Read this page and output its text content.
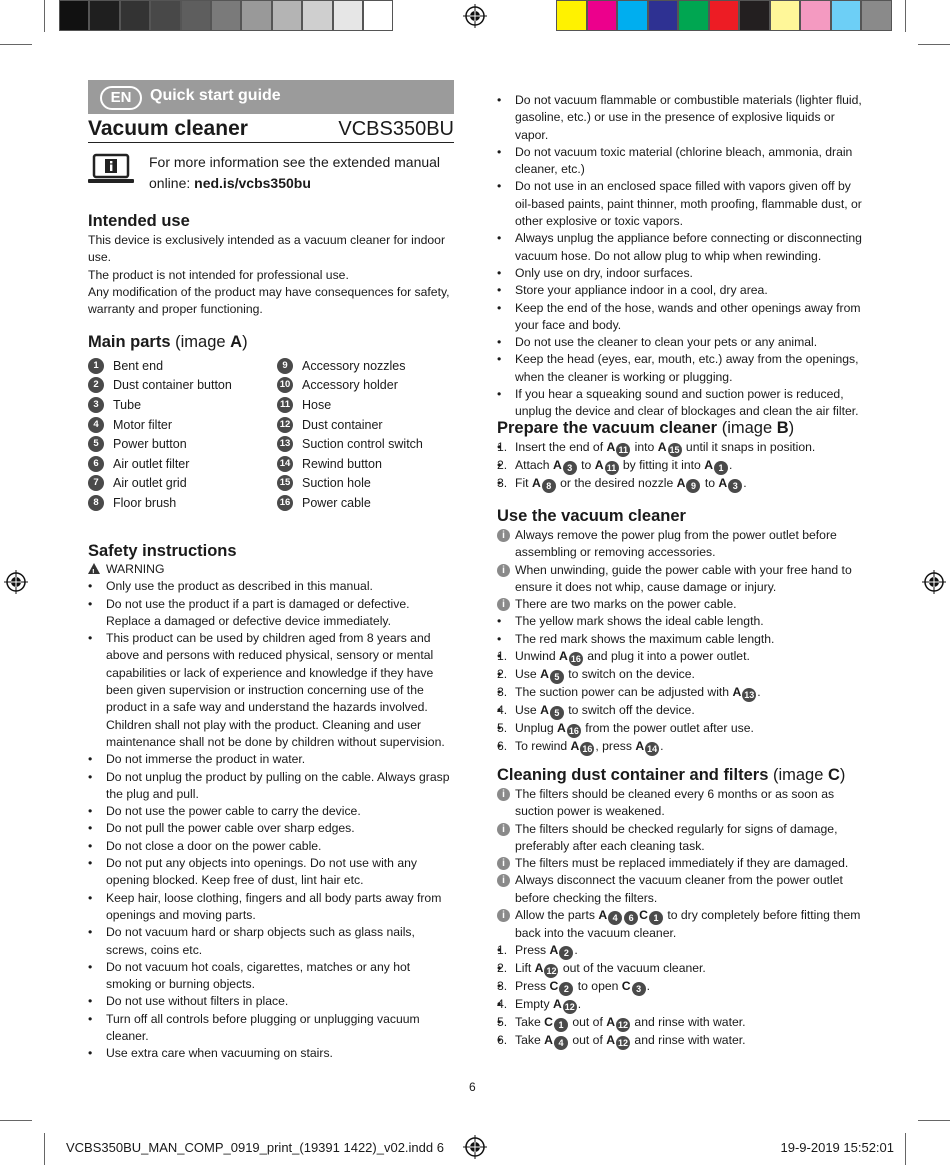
EN	Quick start guide
Vacuum cleaner	VCBS350BU
For more information see the extended manual
online: ned.is/vcbs350bu
Intended use

This device is exclusively intended as a vacuum cleaner for indoor use.

The product is not intended for professional use.

Any modification of the product may have consequences for safety, warranty and proper functioning.

Main parts (image A)
1	Bent end
2	Dust container button
3	Tube
4	Motor filter
5	Power button
6	Air outlet filter
7	Air outlet grid
8	Floor brush
9	Accessory nozzles
10 Accessory holder
11 Hose
12 Dust container
13 Suction control switch
14 Rewind button
15 Suction hole
16 Power cable
Safety instructions
!WARNING
• Only use the product as described in this manual.
• Do not use the product if a part is damaged or defective. Replace a damaged or defective device immediately.
• This product can be used by children aged from 8 years and above and persons with reduced physical, sensory or mental capabilities or lack of experience and knowledge if they have been given supervision or instruction concerning use of the product in a safe way and understand the hazards involved. Children shall not play with the product. Cleaning and user maintenance shall not be done by children without supervision.
• Do not immerse the product in water.
• Do not unplug the product by pulling on the cable. Always grasp the plug and pull.
• Do not use the power cable to carry the device.
• Do not pull the power cable over sharp edges.
• Do not close a door on the power cable.
• Do not put any objects into openings. Do not use with any opening blocked. Keep free of dust, lint hair etc.
• Keep hair, loose clothing, fingers and all body parts away from openings and moving parts.
• Do not vacuum hard or sharp objects such as glass nails, screws, coins etc.
• Do not vacuum hot coals, cigarettes, matches or any hot smoking or burning objects.
• Do not use without filters in place.
• Turn off all controls before plugging or unplugging vacuum cleaner.
• Use extra care when vacuuming on stairs.
• Do not vacuum flammable or combustible materials (lighter fluid, gasoline, etc.) or use in the presence of explosive liquids or vapor.
• Do not vacuum toxic material (chlorine bleach, ammonia, drain cleaner, etc.)
• Do not use in an enclosed space filled with vapors given off by oil-based paints, paint thinner, moth proofing, flammable dust, or other explosive or toxic vapors.
• Always unplug the appliance before connecting or disconnecting vacuum hose. Do not allow plug to whip when rewinding.
• Only use on dry, indoor surfaces.
• Store your appliance indoor in a cool, dry area.
• Keep the end of the hose, wands and other openings away from your face and body.
• Do not use the cleaner to clean your pets or any animal.
• Keep the head (eyes, ear, mouth, etc.) away from the openings, when the cleaner is working or plugging.
• If you hear a squeaking sound and suction power is reduced, unplug the device and clear of blockages and clean the air filter.
Prepare the vacuum cleaner (image B)
• 1. Insert the end of A 11 into A 15 until it snaps in position.
• 2. Attach A 3 to A 11 by fitting it into A 1 .
• 3. Fit A 8 or the desired nozzle A 9 to A 3 .
Use the vacuum cleaner
i Always remove the power plug from the power outlet before assembling or removing accessories.
i When unwinding, guide the power cable with your free hand to ensure it does not whip, cause damage or injury.
i There are two marks on the power cable.
• The yellow mark shows the ideal cable length.
• The red mark shows the maximum cable length.
• 1. Unwind A 16 and plug it into a power outlet.
• 2. Use A 5 to switch on the device.
• 3. The suction power can be adjusted with A 13 .
• 4. Use A 5 to switch off the device.
• 5. Unplug A 16 from the power outlet after use.
• 6. To rewind A 16 , press A 14 .
Cleaning dust container and filters (image C)
i The filters should be cleaned every 6 months or as soon as suction power is weakened.
i The filters should be checked regularly for signs of damage, preferably after each cleaning task.
i The filters must be replaced immediately if they are damaged.
i Always disconnect the vacuum cleaner from the power outlet before checking the filters.
i Allow the parts A 4 6 C 1 to dry completely before fitting them back into the vacuum cleaner.
• 1. Press A 2 .
• 2. Lift A 12 out of the vacuum cleaner.
• 3. Press C 2 to open C 3 .
• 4. Empty A 12 .
• 5. Take C 1 out of A 12 and rinse with water.
• 6. Take A 4 out of A 12 and rinse with water.
6
VCBS350BU_MAN_COMP_0919_print_(19391 1422)_v02.indd 6	19-9-2019 15:52:01
